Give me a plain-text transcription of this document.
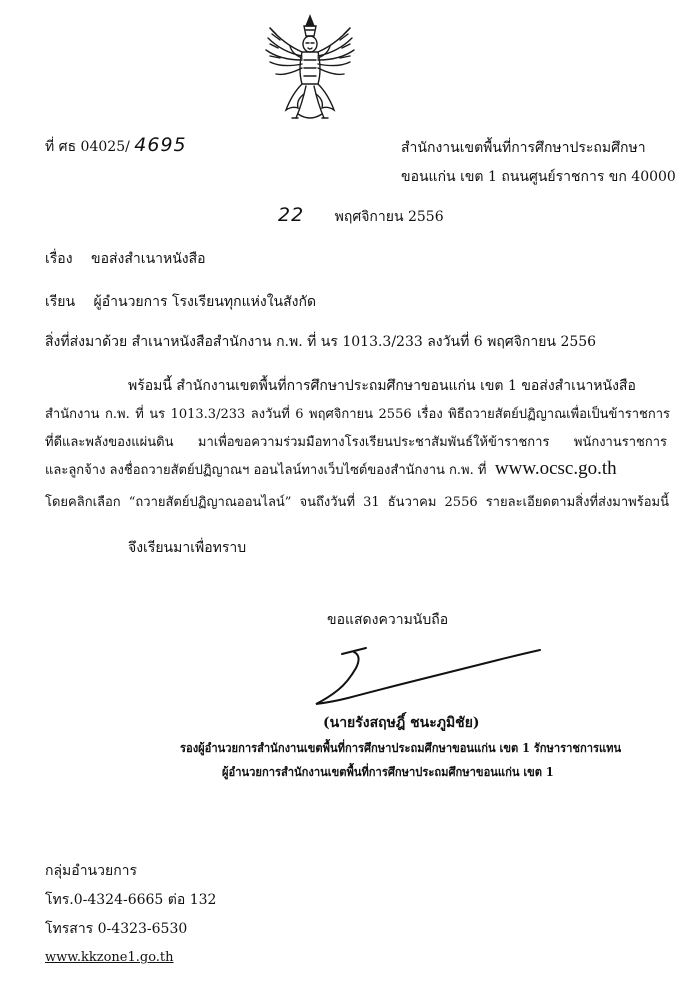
ที่ ศธ 04025/ 4695	สำนักงานเขตพื้นที่การศึกษาประถมศึกษา
ขอนแก่น เขต 1 ถนนศูนย์ราชการ ขก 40000
22 พฤศจิกายน 2556
เรื่อง ขอส่งสำเนาหนังสือ
เรียน ผู้อำนวยการ โรงเรียนทุกแห่งในสังกัด
สิ่งที่ส่งมาด้วย สำเนาหนังสือสำนักงาน ก.พ. ที่ นร 1013.3/233 ลงวันที่ 6 พฤศจิกายน 2556
พร้อมนี้ สำนักงานเขตพื้นที่การศึกษาประถมศึกษาขอนแก่น เขต 1 ขอส่งสำเนาหนังสือ
สำนักงาน ก.พ. ที่ นร 1013.3/233 ลงวันที่ 6 พฤศจิกายน 2556 เรื่อง พิธีถวายสัตย์ปฏิญาณเพื่อเป็นข้าราชการ
ที่ดีและพลังของแผ่นดิน มาเพื่อขอความร่วมมือทางโรงเรียนประชาสัมพันธ์ให้ข้าราชการ พนักงานราชการ
และลูกจ้าง ลงชื่อถวายสัตย์ปฏิญาณฯ ออนไลน์ทางเว็บไซต์ของสำนักงาน ก.พ. ที่ www.ocsc.go.th
โดยคลิกเลือก “ถวายสัตย์ปฏิญาณออนไลน์” จนถึงวันที่ 31 ธันวาคม 2556 รายละเอียดตามสิ่งที่ส่งมาพร้อมนี้
จึงเรียนมาเพื่อทราบ
ขอแสดงความนับถือ
(นายรังสฤษฎิ์ ชนะภูมิชัย)
รองผู้อำนวยการสำนักงานเขตพื้นที่การศึกษาประถมศึกษาขอนแก่น เขต 1 รักษาราชการแทน
ผู้อำนวยการสำนักงานเขตพื้นที่การศึกษาประถมศึกษาขอนแก่น เขต 1
กลุ่มอำนวยการ
โทร.0-4324-6665 ต่อ 132
โทรสาร 0-4323-6530
www.kkzone1.go.th
